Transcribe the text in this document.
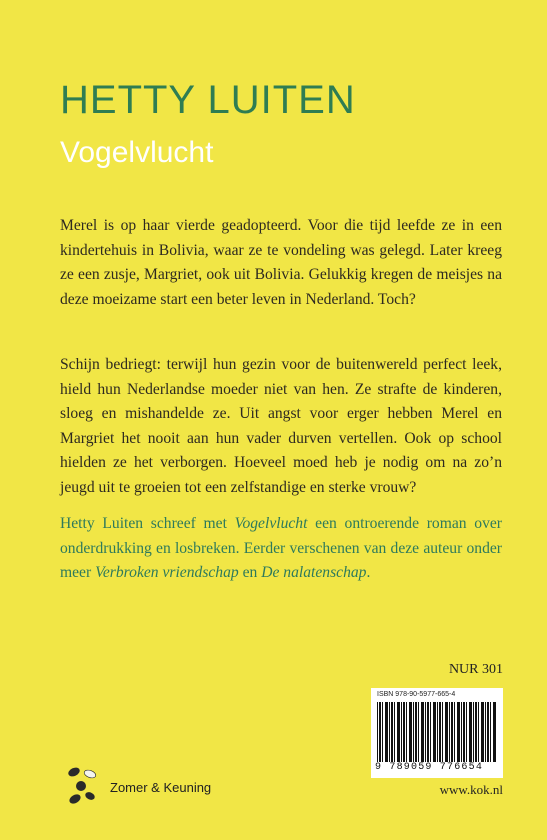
HETTY LUITEN
Vogelvlucht

Merel is op haar vierde geadopteerd. Voor die tijd leefde ze in een kindertehuis in Bolivia, waar ze te vondeling was gelegd. Later kreeg ze een zusje, Margriet, ook uit Bolivia. Gelukkig kregen de meisjes na deze moeizame start een beter leven in Nederland. Toch?

Schijn bedriegt: terwijl hun gezin voor de buitenwereld perfect leek, hield hun Nederlandse moeder niet van hen. Ze strafte de kinderen, sloeg en mishandelde ze. Uit angst voor erger hebben Merel en Margriet het nooit aan hun vader durven vertellen. Ook op school hielden ze het verborgen. Hoeveel moed heb je nodig om na zo’n jeugd uit te groeien tot een zelfstandige en sterke vrouw?

Hetty Luiten schreef met Vogelvlucht een ontroerende roman over onderdrukking en losbreken. Eerder verschenen van deze auteur onder meer Verbroken vriendschap en De nalatenschap.

NUR 301
ISBN 978-90-5977-665-4
9 789059 776654
Zomer & Keuning	www.kok.nl
